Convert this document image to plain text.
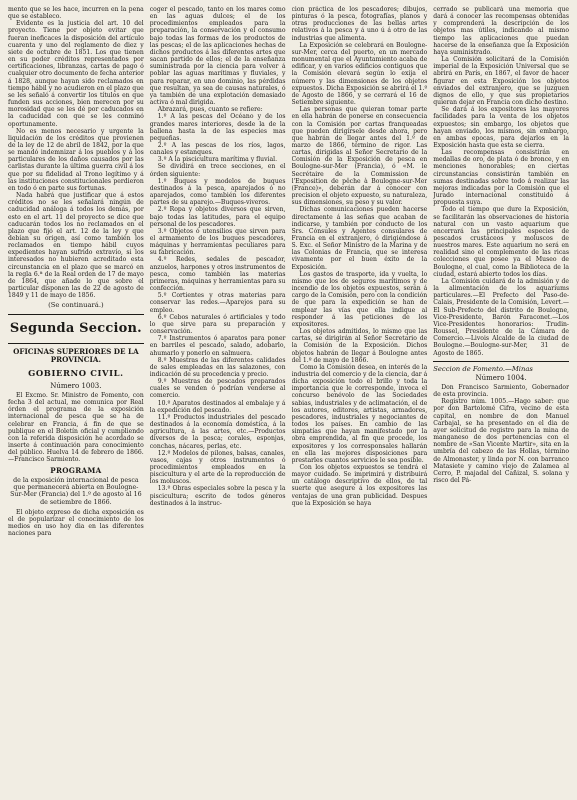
mento que se les hace, incurren en la pena que se estableco.

Evidente es la justicia del art. 10 del proyecto. Tiene por objeto evitar que fueran ineficaces la disposición del artículo cuarenta y uno del reglamento de diez y siete de octubre de 1851. Los que tienen en su poder créditos representados por certificaciones, libranzas, cartas de pago ó cualquier otro documento de fecha anterior á 1828, aunque hayan sido reclamados en tiempo hábil y no acudieron en el plazo que se les señaló á convertir los títulos en que funden sus acciones, bien merecen por su morosidad que se les dé por caducados en la caducidad con que se les conminó oportunamente.

No es menos necesario y urgente la liquidación de los créditos que provienen de la ley de 12 de abril de 1842, por la que se mandó indemnizar á los pueblos y á los particulares de los daños causados por las carlistas durante la última guerra civil á los que por su fidelidad al Trono legítimo y á las instituciones constitucionales perdieron en todo ó en parte sus fortunas.

Nada habrá que justificar que á estos créditos no se les señalará ningún de caducidad análoga á todos los demás, por esto en el art. 11 del proyecto se dice que caducarán todos los no reclamados en el plazo que fijó el art. 12 de la ley y que debían su origen, así como también los reclamados en tiempo hábil cuyos expedientes hayan sufrido extravío, si los interesados no hubieren acreditado esta circunstancia en el plazo que se marcó en la regla 6.ª de la Real orden de 17 de mayo de 1864, que añade lo que sobre el particular disponen las de 22 de agosto de 1849 y 11 de mayo de 1856.

(Se continuará.)
Segunda Seccion.
OFICINAS SUPERIORES DE LA PROVINCIA.
GOBIERNO CIVIL.
Número 1003.

El Excmo. Sr. Ministro de Fomento, con fecha 3 del actual, me comunica por Real órden el programa de la exposición internacional de pesca que se ha de celebrar en Francia, á fin de que se publique en el Boletín oficial y cumpliendo con la referida disposición he acordado se inserte á continuación para conocimiento del público. Huelva 14 de febrero de 1866.—Francisco Sarmiento.

PROGRAMA
de la exposición internacional de pesca que permanecerá abierta en Boulogne-Sur-Mer (Francia) del 1.º de agosto al 16 de setiembre de 1866.

El objeto expreso de dicha exposición es el de popularizar el conocimiento de los medios en uso hoy dia en las diferentes naciones para

coger el pescado, tanto en los mares como en las aguas dulces; el de los procedimientos empleados para la preparación, la conservación y el consumo bajo todas las formas de los productos de las pescas; el de las aplicaciones hechas de dichos productos á las diferentes artes que sacan partido de ellos; el de la enseñanza suministrada por la ciencia para volver á poblar las aguas marítimas y fluviales, y para reparar, en uno dominio, las pérdidas que resultan, ya sea de causas naturales, ó ya también de una explotación demasiado activa ó mal dirigida.

Abrazará, pues, cuanto se refiere:

1.º A las pescas del Océano y de los grandes mares interiores, desde la de la ballena hasta la de las especies mas pequeñas.

2.º A las pescas de los ríos, lagos, canales y estanques.

3.º A la piscicultura marítima y fluvial.

Se dividirá en trece secciones, en el órden siguiente:

1.º Buques y modelos de buques destinados á la pesca, aparejados ó no aparejados, como también los diferentes partes de su aparejo.—Buques-viveros.

2.º Ropa y objetos diversos que sirven, bajo todas las latitudes, para el equipo personal de los pescadores.

3.º Objetos ó utensilios que sirven para el armamento de los buques pescadores, máquinas y herramientas peculiares para su fabricación.

4.º Redes, sedales de pescador, anzuelos, harpones y otros instrumentos de pesca, como también las materias primeras, máquinas y herramientas para su confección.

5.º Cortientes y otras materias para conservar las redes.—Aparejos para su empleo.

6.º Cebos naturales ó artificiales y todo lo que sirve para su preparación y conservación.

7.º Instrumentos ó aparatos para poner en barriles el pescado, salado, adobarlo, ahumarlo y ponerlo en salmuera.

8.º Muestras de las diferentes calidades de sales empleadas en las salazones, con indicación de su procedencia y precio.

9.º Muestras de pescados preparados cuales se venden ó podrían venderse al comercio.

10.º Aparatos destinados al embalaje y á la expedición del pescado.

11.º Productos industriales del pescado destinados á la economía doméstica, á la agricultura, á las artes, etc.—Productos diversos de la pesca; corales, esponjas, conchas, nácares, perlas, etc.

12.º Modelos de pilones, balsas, canales, vasos, cajas y otros instrumentos ó procedimientos empleados en la piscicultura y el arte de la reproducción de los moluscos.

13.º Obras especiales sobre la pesca y la piscicultura; escrito de todos géneros destinados á la instruc-

cion práctica de los pescadores; dibujos, pinturas ó la pesca, fotografías, planos y otras producciones de las bellas artes relativos á la pesca y á uno ú á otro de las industrias que alimenta.

La Exposición se celebrará en Boulogne-sur-Mer, cerca del puerto, en un mercado monumental que el Ayuntamiento acaba de edificar, y en varios edificios contiguos que la Comisión elevará según lo exija el número y las dimensiones de los objetos expuestos. Dicha Exposición se abrirá el 1.º de Agosto de 1866, y se cerrará el 16 de Setiembre siguiente.

Las personas que quieran tomar parte en ella habrán de ponerse en consecuencia con la Comisión por cartas franqueadas que pueden dirigírsele desde ahora, pero que habrán de llegar antes del 1.º de marzo de 1866, término de rigor. Las cartas, dirigidas al Señor Secretario de la Comisión de la Exposición de pesca en Boulogne-sur-Mer (Francia), ó «M. le Secrétaire de la Commission de l'Exposition de pêche à Boulogne-sur-Mer (France)», deberán dar á conocer con precision el objeto expuesto, su naturaleza, sus dimensiones, su peso y su valor.

Dichas comunicaciones pueden hacerse directamente á las señas que acaban de indicarse, y también por conducto de los Srs. Cónsules y Agentes consulares de Francia en el extranjero, ó dirigiéndose á S. Exc. el Señor Ministro de la Marina y de las Colonias de Francia, que se interesa vivamente por el buen éxito de la Exposición.

Los gastos de trasporte, ida y vuelta, lo mismo que los de seguros marítimos y de incendio de los objetos expuestos, serán á cargo de la Comisión, pero con la condición de que para la expedición se han de emplear las vías que ella indique al responder á las peticiones de los expositores.

Los objetos admitidos, lo mismo que las cartas, se dirigirán al Señor Secretario de la Comisión de la Exposición. Dichos objetos habrán de llegar á Boulogne antes del 1.º de mayo de 1866.

Como la Comisión desea, en interés de la industria del comercio y de la ciencia, dar á dicha exposición todo el brillo y toda la importancia que le corresponde, invoca el concurso benévolo de las Sociedades sabias, industriales y de aclimatación, el de los autores, editores, artistas, armadores, pescadores, industriales y negociantes de todos los países. En cambio de las simpatías que hayan manifestado por la obra emprendida, al fin que procede, los expositores y los corresponsales hallarán en ella las mejores disposiciones para prestarles cuantos servicios le sea posible.

Con los objetos expuestos se tendrá el mayor cuidado. Se imprimirá y distribuirá un catálogo descriptivo de ellos, de tal suerte que asegure á los expositores las ventajas de una gran publicidad. Despues que la Exposición se haya

cerrado se publicará una memoria que dará á conocer las recompensas obtenidas y comprenderá la descripción de los objetos mas útiles, indicando al mismo tiempo las aplicaciones que puedan hacerse de la enseñanza que la Exposición haya suministrado.

La Comisión solicitará de la Comisión imperial de la Exposición Universal que se abrirá en París, en 1867, el favor de hacer figurar en esta Exposición los objetos enviados del extranjero, que se juzguen dignos de ello, y que sus propietarios quieran dejar en Francia con dicho destino.

Se dará á los expositores las mayores facilidades para la venta de los objetos expuestos; sin embargo, los objetos que hayan enviado, los mismos, sin embargo, en ambas epocas, para dejarlos en la Exposición hasta que esta se cierra.

Las recompensas consistirán en medallas de oro, de plata ó de bronce, y en menciones honorables; en ciertas circunstancias consistirán también en sumas destinadas sobre todo á realizar las mejoras indicadas por la Comisión que el Jurado internacional constituido á propuesta suya.

Todo el tiempo que dure la Exposición, se facilitarán las observaciones de historia natural con un vasto aquarium que encerrará las principales especies de pescados crustáceos y moluscos de nuestros mares. Este aquarium no será en realidad sino el complemento de las ricas colecciones que posee ya el Museo de Boulogne, el cual, como la Biblioteca de la ciudad, estará abierto todos los días.

La Comisión cuidará de la admisión y de la alimentación de los aquariums particulares.—El Prefecto del Paso-de-Calais, Presidente de la Comisión, Levert.—El Sub-Prefecto del distrito de Boulogne, Vice-Presidente, Barón Faraconet.—Los Vice-Presidentes honorarios: Trudin-Roussel, Presidente de la Cámara de Comercio.—Livois Alcalde de la ciudad de Boulogne.—Boulogne-sur-Mer, 31 de Agosto de 1865.

Seccion de Fomento.—Minas
Número 1004.

Don Francisco Sarmiento, Gobernador de esta provincia.

Registro núm. 1005.—Hago saber: que por don Bartolomé Cifra, vecino de esta capital, en nombre de don Manuel Carbajal, se ha presentado en el dia de ayer solicitud de registro para la mina de manganeso de dos pertenencias con el nombre de «San Vicente Martir», sita en la umbría del cabezo de las Hollas, término de Almonaster, y linda por N. con barranco Matasiete y camino viejo de Zalamea al Cerro, P. majadal del Cañizal, S. solana y risco del Pá-
